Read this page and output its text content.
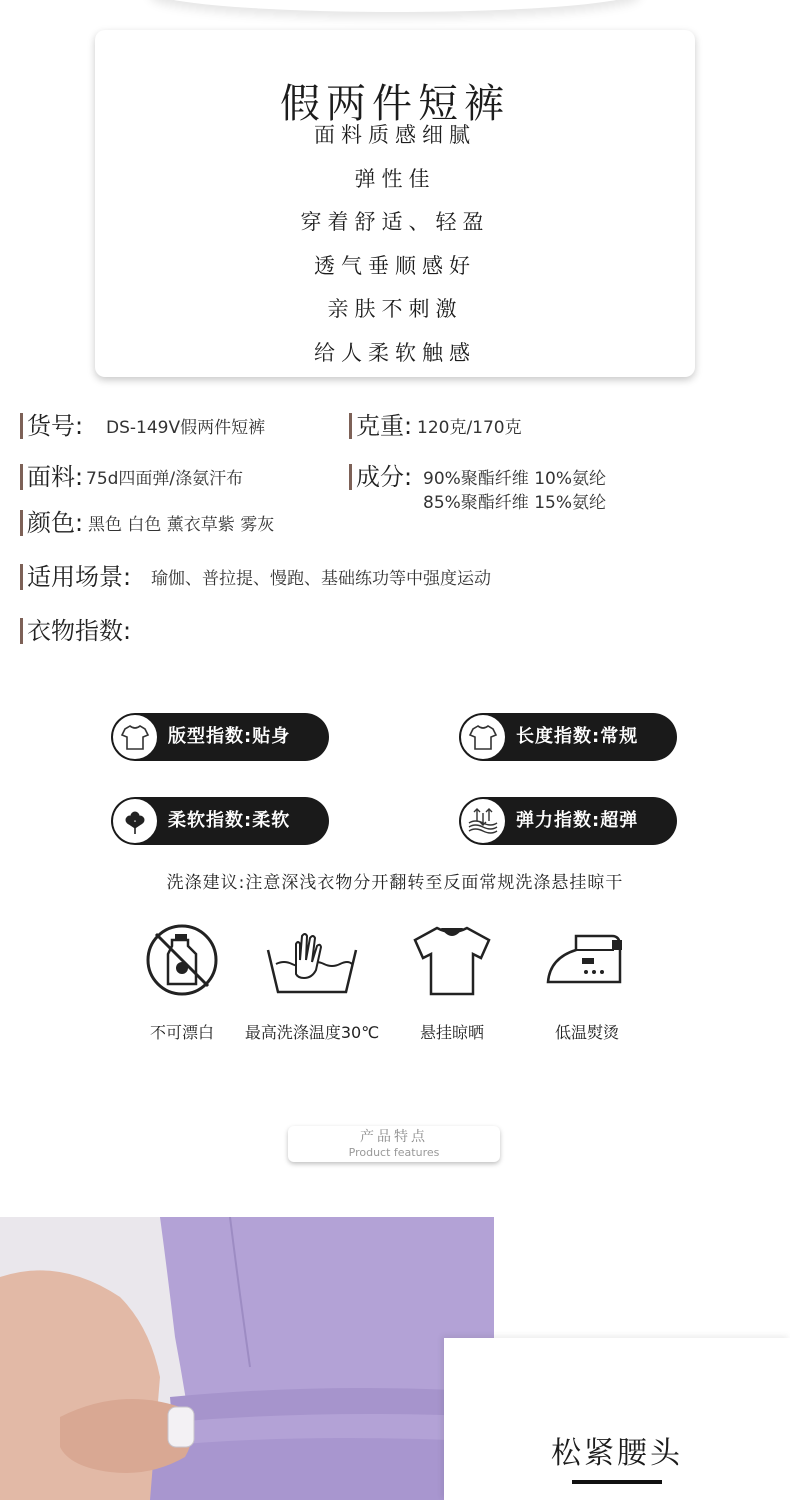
假两件短裤
面料质感细腻
弹性佳
穿着舒适、轻盈
透气垂顺感好
亲肤不刺激
给人柔软触感
货号: DS-149V假两件短裤	克重: 120克/170克
面料: 75d四面弹/涤氨汗布	成分: 90%聚酯纤维 10%氨纶
85%聚酯纤维 15%氨纶
颜色: 黑色 白色 薰衣草紫 雾灰
适用场景: 瑜伽、普拉提、慢跑、基础练功等中强度运动
衣物指数:
版型指数:贴身	长度指数:常规
柔软指数:柔软	弹力指数:超弹
洗涤建议:注意深浅衣物分开翻转至反面常规洗涤悬挂晾干
不可漂白	最高洗涤温度30℃	悬挂晾晒	低温熨烫
产品特点
Product features
松紧腰头
